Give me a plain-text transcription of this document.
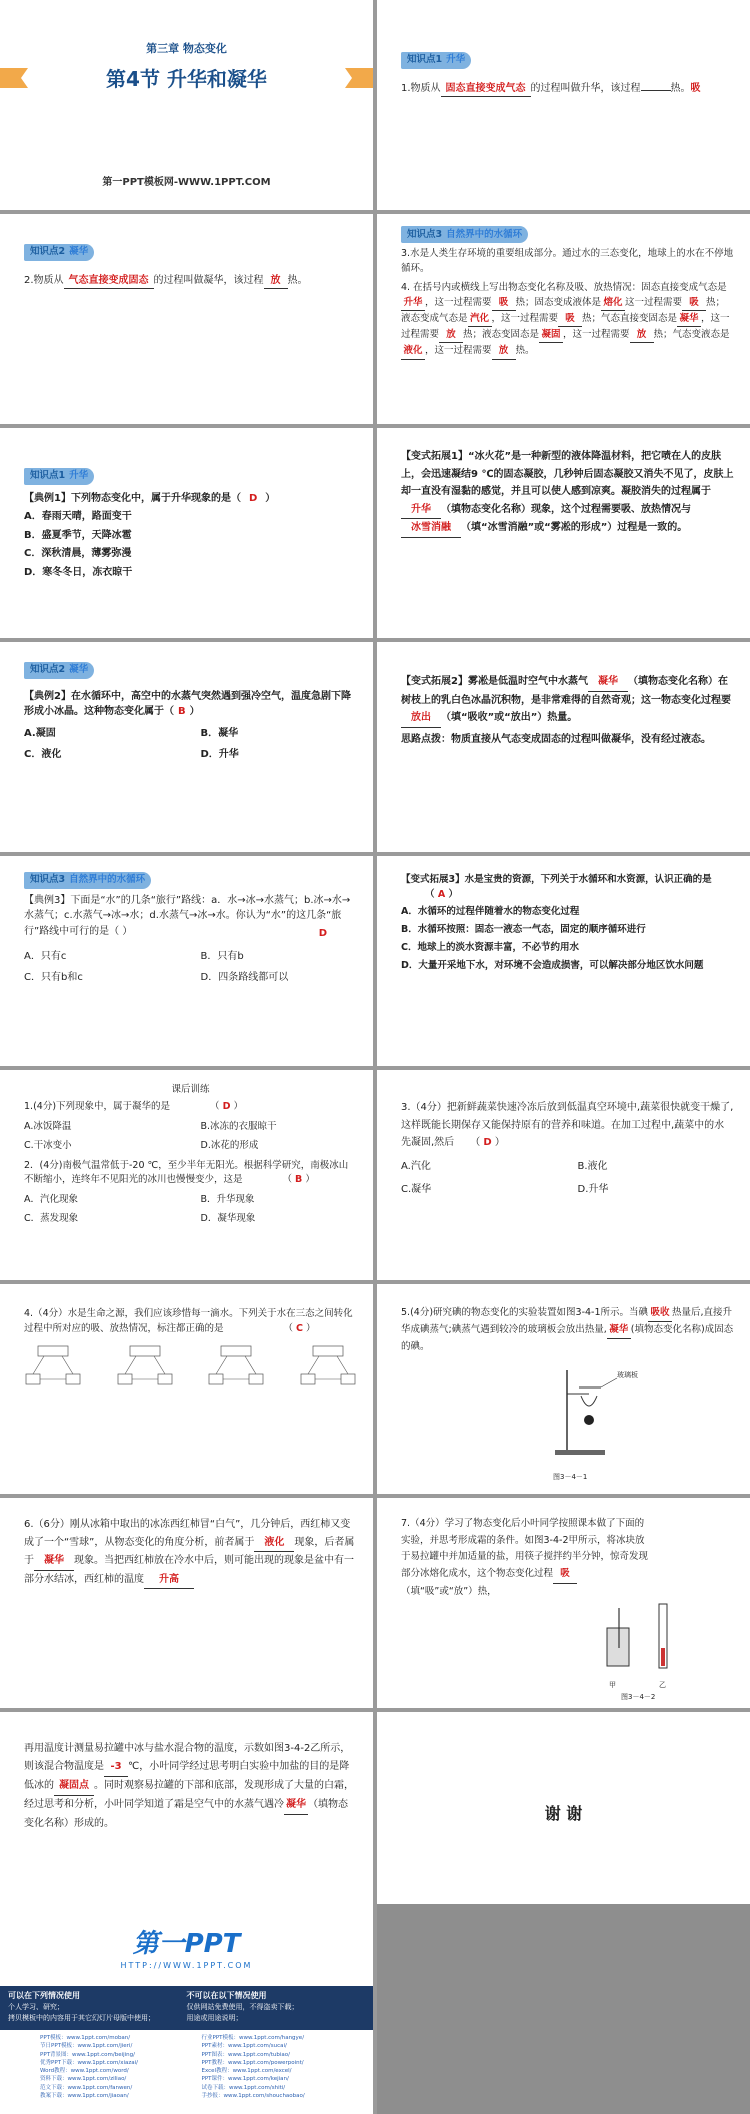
第三章 物态变化
第4节 升华和凝华
第一PPT模板网-WWW.1PPT.COM
知识点1 升华

1.物质从 固态直接变成气态 的过程叫做升华，该过程	热。吸

知识点2 凝华

2.物质从 气态直接变成固态 的过程叫做凝华，该过程 放 热。

知识点3 自然界中的水循环

3.水是人类生存环境的重要组成部分。通过水的三态变化，地球上的水在不停地循环。

4. 在括号内或横线上写出物态变化名称及吸、放热情况：固态直接变成气态是升华 ，这一过程需要 吸 热；固态变成液体是 熔化 这一过程需要 吸 热；液态变成气态是 汽化 ，这一过程需要 吸 热；气态直接变固态是 凝华 ，这一过程需要 放 热；液态变固态是 凝固 ，这一过程需要 放 热；气态变液态是液化 ，这一过程需要 放 热。

知识点1 升华

【典例1】下列物态变化中，属于升华现象的是（ D ）

A．春雨天晴，路面变干

B．盛夏季节，天降冰雹

C．深秋清晨，薄雾弥漫

D．寒冬冬日，冻衣晾干

【变式拓展1】“冰火花”是一种新型的液体降温材料，把它喷在人的皮肤上，会迅速凝结9 ℃的固态凝胶，几秒钟后固态凝胶又消失不见了，皮肤上却一直没有湿黏的感觉，并且可以使人感到凉爽。凝胶消失的过程属于升华 （填物态变化名称）现象，这个过程需要吸、放热情况与冰雪消融 （填“冰雪消融”或“雾凇的形成”）过程是一致的。
知识点2 凝华

【典例2】在水循环中，高空中的水蒸气突然遇到强冷空气，温度急剧下降形成小冰晶。这种物态变化属于（ B ）

A.凝固	B．凝华

C．液化	D．升华

【变式拓展2】雾凇是低温时空气中水蒸气 凝华 （填物态变化名称）在树枝上的乳白色冰晶沉积物，是非常难得的自然奇观；这一物态变化过程要放出 （填“吸收”或“放出”）热量。

思路点拨：物质直接从气态变成固态的过程叫做凝华，没有经过液态。

知识点3 自然界中的水循环

【典例3】下面是“水”的几条“旅行”路线：a．水→冰→水蒸气；b.冰→水→水蒸气；c.水蒸气→冰→水；d.水蒸气→冰→水。你认为“水”的这几条“旅行”路线中可行的是（ ）	D

A．只有c	B．只有b

C．只有b和c	D．四条路线都可以

【变式拓展3】水是宝贵的资源，下列关于水循环和水资源，认识正确的是（ A ）

A．水循环的过程伴随着水的物态变化过程

B．水循环按照：固态一液态一气态，固定的顺序循环进行

C．地球上的淡水资源丰富，不必节约用水

D．大量开采地下水，对环境不会造成损害，可以解决部分地区饮水问题

课后训练

1.(4分)下列现象中，属于凝华的是	（ D ）

A.冰饭降温	B.冰冻的衣服晾干

C.干冰变小	D.冰花的形成

2．(4分)南极气温常低于-20 ℃，至少半年无阳光。根据科学研究，南极冰山不断缩小，连终年不见阳光的冰川也慢慢变少，这是	（ B ）

A．汽化现象	B．升华现象

C．蒸发现象	D．凝华现象

3.（4分）把新鲜蔬菜快速冷冻后放到低温真空环境中,蔬菜很快就变干燥了,这样既能长期保存又能保持原有的营养和味道。在加工过程中,蔬菜中的水先凝固,然后 （ D ）

A.汽化	B.液化

C.凝华	D.升华

4.（4分）水是生命之源，我们应该珍惜每一滴水。下列关于水在三态之间转化过程中所对应的吸、放热情况，标注都正确的是	（ C ）

5.(4分)研究碘的物态变化的实验装置如图3-4-1所示。当碘 吸收 热量后,直接升华成碘蒸气;碘蒸气遇到较冷的玻璃板会放出热量, 凝华 (填物态变化名称)成固态的碘。

玻璃板
图3－4－1
6.（6分）刚从冰箱中取出的冰冻西红柿冒“白气”，几分钟后，西红柿又变成了一个“雪球”，从物态变化的角度分析，前者属于 液化 现象，后者属于 凝华 现象。当把西红柿放在冷水中后，则可能出现的现象是盆中有一部分水结冰，西红柿的温度 升高
7.（4分）学习了物态变化后小叶同学按照课本做了下面的实验，并思考形成霜的条件。如图3-4-2甲所示，将冰块放于易拉罐中并加适量的盐，用筷子搅拌约半分钟，惊奇发现部分冰熔化成水，这个物态变化过程 吸
（填“吸”或“放”）热，
甲	乙
图3－4－2
再用温度计测量易拉罐中冰与盐水混合物的温度，示数如图3-4-2乙所示，则该混合物温度是 -3 ℃，小叶同学经过思考明白实验中加盐的目的是降低冰的 凝固点 。同时观察易拉罐的下部和底部，发现形成了大量的白霜，经过思考和分析，小叶同学知道了霜是空气中的水蒸气遇冷 凝华 （填物态变化名称）形成的。
谢 谢
第一PPT
HTTP://WWW.1PPT.COM
可以在下列情况使用
个人学习、研究；
拷贝模板中的内容用于其它幻灯片母版中使用；
不可以在以下情况使用
仅供网站免费使用，不得盗卖下载；
用途或用途说明；
PPT模板：www.1ppt.com/moban/	行业PPT模板：www.1ppt.com/hangye/
节日PPT模板：www.1ppt.com/jieri/	PPT素材：www.1ppt.com/sucai/
PPT背景图：www.1ppt.com/beijing/	PPT图表：www.1ppt.com/tubiao/
优秀PPT下载：www.1ppt.com/xiazai/	PPT教程：www.1ppt.com/powerpoint/
Word教程：www.1ppt.com/word/	Excel教程：www.1ppt.com/excel/
资料下载：www.1ppt.com/ziliao/	PPT课件：www.1ppt.com/kejian/
范文下载：www.1ppt.com/fanwen/	试卷下载：www.1ppt.com/shiti/
教案下载：www.1ppt.com/jiaoan/	手抄报：www.1ppt.com/shouchaobao/
